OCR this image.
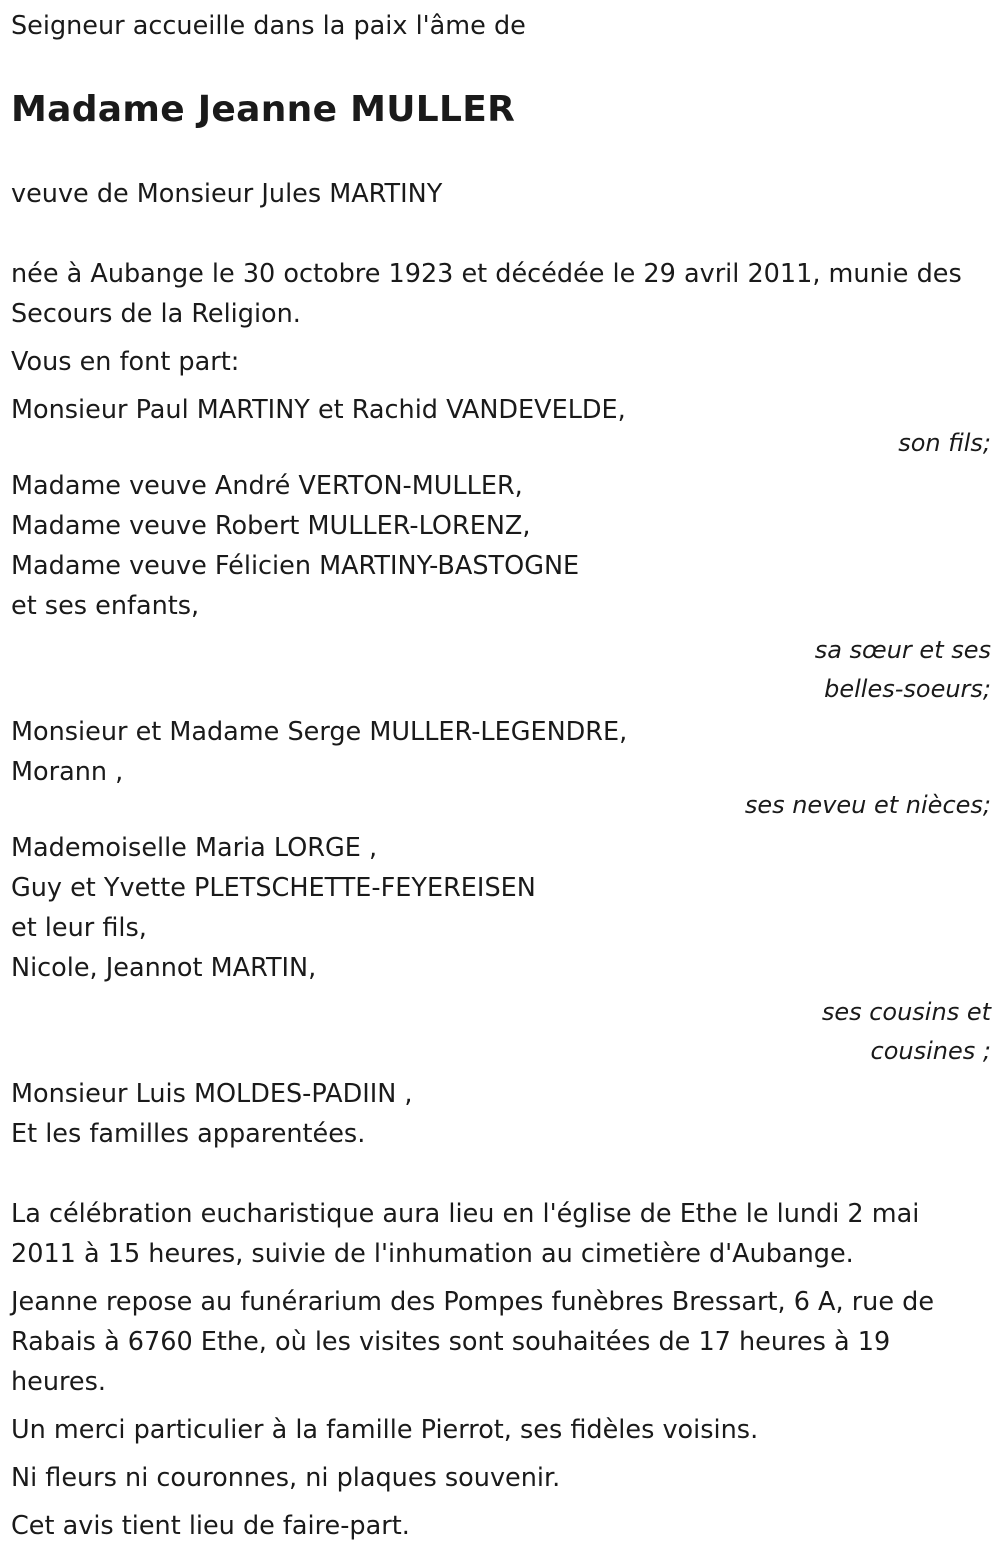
Seigneur accueille dans la paix l'âme de

Madame Jeanne MULLER

veuve de Monsieur Jules MARTINY

née à Aubange le 30 octobre 1923 et décédée le 29 avril 2011, munie des Secours de la Religion.

Vous en font part:

Monsieur Paul MARTINY et Rachid VANDEVELDE,

son fils;

Madame veuve André VERTON-MULLER,

Madame veuve Robert MULLER-LORENZ,

Madame veuve Félicien MARTINY-BASTOGNE

et ses enfants,

sa sœur et ses

belles-soeurs;

Monsieur et Madame Serge MULLER-LEGENDRE,

Morann ,

ses neveu et nièces;

Mademoiselle Maria LORGE ,

Guy et Yvette PLETSCHETTE-FEYEREISEN

et leur fils,

Nicole, Jeannot MARTIN,

ses cousins et

cousines ;

Monsieur Luis MOLDES-PADIIN ,

Et les familles apparentées.

La célébration eucharistique aura lieu en l'église de Ethe le lundi 2 mai 2011 à 15 heures, suivie de l'inhumation au cimetière d'Aubange.

Jeanne repose au funérarium des Pompes funèbres Bressart, 6 A, rue de Rabais à 6760 Ethe, où les visites sont souhaitées de 17 heures à 19 heures.

Un merci particulier à la famille Pierrot, ses fidèles voisins.

Ni fleurs ni couronnes, ni plaques souvenir.

Cet avis tient lieu de faire-part.
